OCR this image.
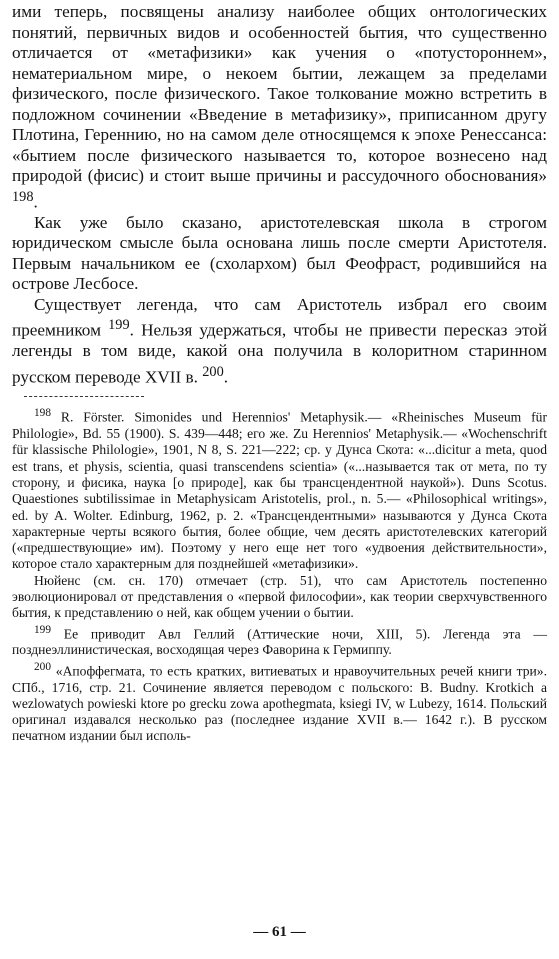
ими теперь, посвящены анализу наиболее общих онтологических понятий, первичных видов и особенностей бытия, что существенно отличается от «метафизики» как учения о «потустороннем», нематериальном мире, о некоем бытии, лежащем за пределами физического, после физического. Такое толкование можно встретить в подложном сочинении «Введение в метафизику», приписанном другу Плотина, Гереннию, но на самом деле относящемся к эпохе Ренессанса: «бытием после физического называется то, которое вознесено над природой (фисис) и стоит выше причины и рассудочного обоснования» $^{198}$.

Как уже было сказано, аристотелевская школа в строгом юридическом смысле была основана лишь после смерти Аристотеля. Первым начальником ее (схолархом) был Феофраст, родившийся на острове Лесбосе.

Существует легенда, что сам Аристотель избрал его своим преемником $^{199}$. Нельзя удержаться, чтобы не привести пересказ этой легенды в том виде, какой она получила в колоритном старинном русском переводе XVII в. $^{200}$.

$^{198}$ R. Förster. Simonides und Herennios' Metaphysik.— «Rheinisches Museum für Philologie», Bd. 55 (1900). S. 439—448; его же. Zu Herennios' Metaphysik.— «Wochenschrift für klassische Philologie», 1901, N 8, S. 221—222; ср. у Дунса Скота: «...dicitur a meta, quod est trans, et physis, scientia, quasi transcendens scientia» («...называется так от мета, по ту сторону, и фисика, наука [о природе], как бы трансцендентной наукой»). Duns Scotus. Quaestiones subtilissimae in Metaphysicam Aristotelis, prol., n. 5.— «Philosophical writings», ed. by A. Wolter. Edinburg, 1962, p. 2. «Трансцендентными» называются у Дунса Скота характерные черты всякого бытия, более общие, чем десять аристотелевских категорий («предшествующие» им). Поэтому у него еще нет того «удвоения действительности», которое стало характерным для позднейшей «метафизики».

Нюйенс (см. сн. 170) отмечает (стр. 51), что сам Аристотель постепенно эволюционировал от представления о «первой философии», как теории сверхчувственного бытия, к представлению о ней, как общем учении о бытии.

$^{199}$ Ее приводит Авл Геллий (Аттические ночи, XIII, 5). Легенда эта — позднеэллинистическая, восходящая через Фаворина к Гермиппу.

$^{200}$ «Апоффегмата, то есть кратких, витиеватых и нравоучительных речей книги три». СПб., 1716, стр. 21. Сочинение является переводом с польского: B. Budny. Krotkich a wezlowatych powieski ktore po grecku zowa apothegmata, ksiegi IV, w Lubezy, 1614. Польский оригинал издавался несколько раз (последнее издание XVII в.— 1642 г.). В русском печатном издании был исполь-

— 61 —
